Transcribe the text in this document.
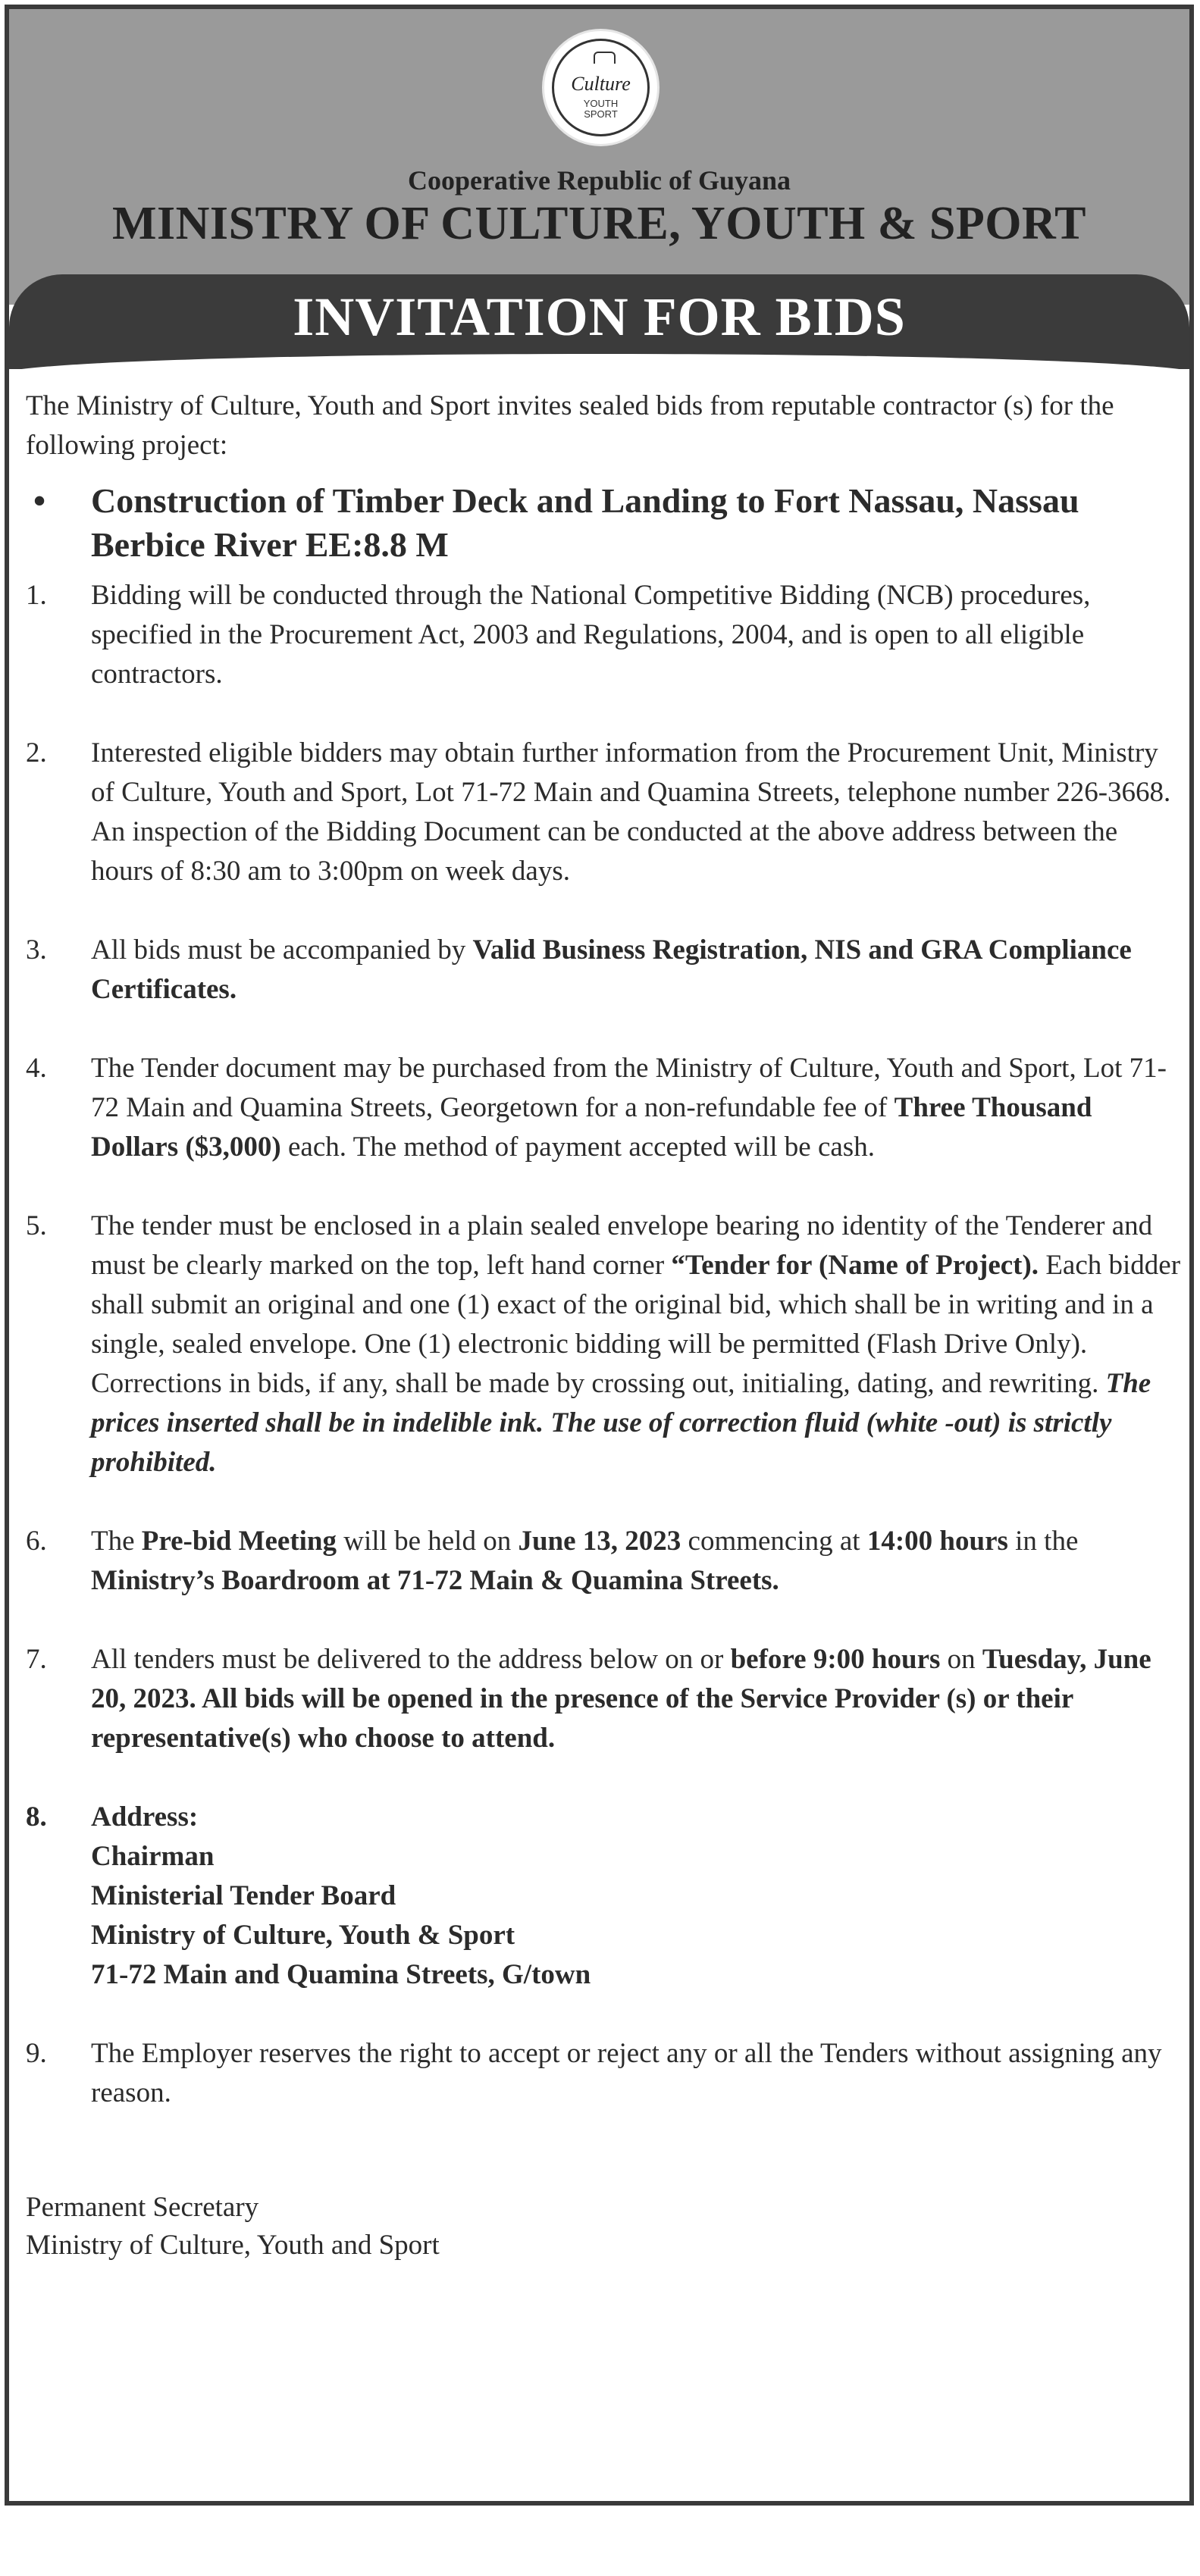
Culture
YOUTH
SPORT
Cooperative Republic of Guyana
MINISTRY OF CULTURE, YOUTH & SPORT
INVITATION FOR BIDS

The Ministry of Culture, Youth and Sport invites sealed bids from reputable contractor (s) for the following project:

•	Construction of Timber Deck and Landing to Fort Nassau, Nassau Berbice River EE:8.8 M
1.	Bidding will be conducted through the National Competitive Bidding (NCB) procedures, specified in the Procurement Act, 2003 and Regulations, 2004, and is open to all eligible contractors.
2.	Interested eligible bidders may obtain further information from the Procurement Unit, Ministry of Culture, Youth and Sport, Lot 71-72 Main and Quamina Streets, telephone number 226-3668. An inspection of the Bidding Document can be conducted at the above address between the hours of 8:30 am to 3:00pm on week days.
3.	All bids must be accompanied by Valid Business Registration, NIS and GRA Compliance Certificates.
4.	The Tender document may be purchased from the Ministry of Culture, Youth and Sport, Lot 71-72 Main and Quamina Streets, Georgetown for a non-refundable fee of Three Thousand Dollars ($3,000) each. The method of payment accepted will be cash.
5.	The tender must be enclosed in a plain sealed envelope bearing no identity of the Tenderer and must be clearly marked on the top, left hand corner “Tender for (Name of Project). Each bidder shall submit an original and one (1) exact of the original bid, which shall be in writing and in a single, sealed envelope. One (1) electronic bidding will be permitted (Flash Drive Only). Corrections in bids, if any, shall be made by crossing out, initialing, dating, and rewriting. The prices inserted shall be in indelible ink. The use of correction fluid (white -out) is strictly prohibited.
6.	The Pre-bid Meeting will be held on June 13, 2023 commencing at 14:00 hours in the Ministry’s Boardroom at 71-72 Main & Quamina Streets.
7.	All tenders must be delivered to the address below on or before 9:00 hours on Tuesday, June 20, 2023. All bids will be opened in the presence of the Service Provider (s) or their representative(s) who choose to attend.
8.	Address:
Chairman
Ministerial Tender Board
Ministry of Culture, Youth & Sport
71-72 Main and Quamina Streets, G/town
9.	The Employer reserves the right to accept or reject any or all the Tenders without assigning any reason.
Permanent Secretary
Ministry of Culture, Youth and Sport
